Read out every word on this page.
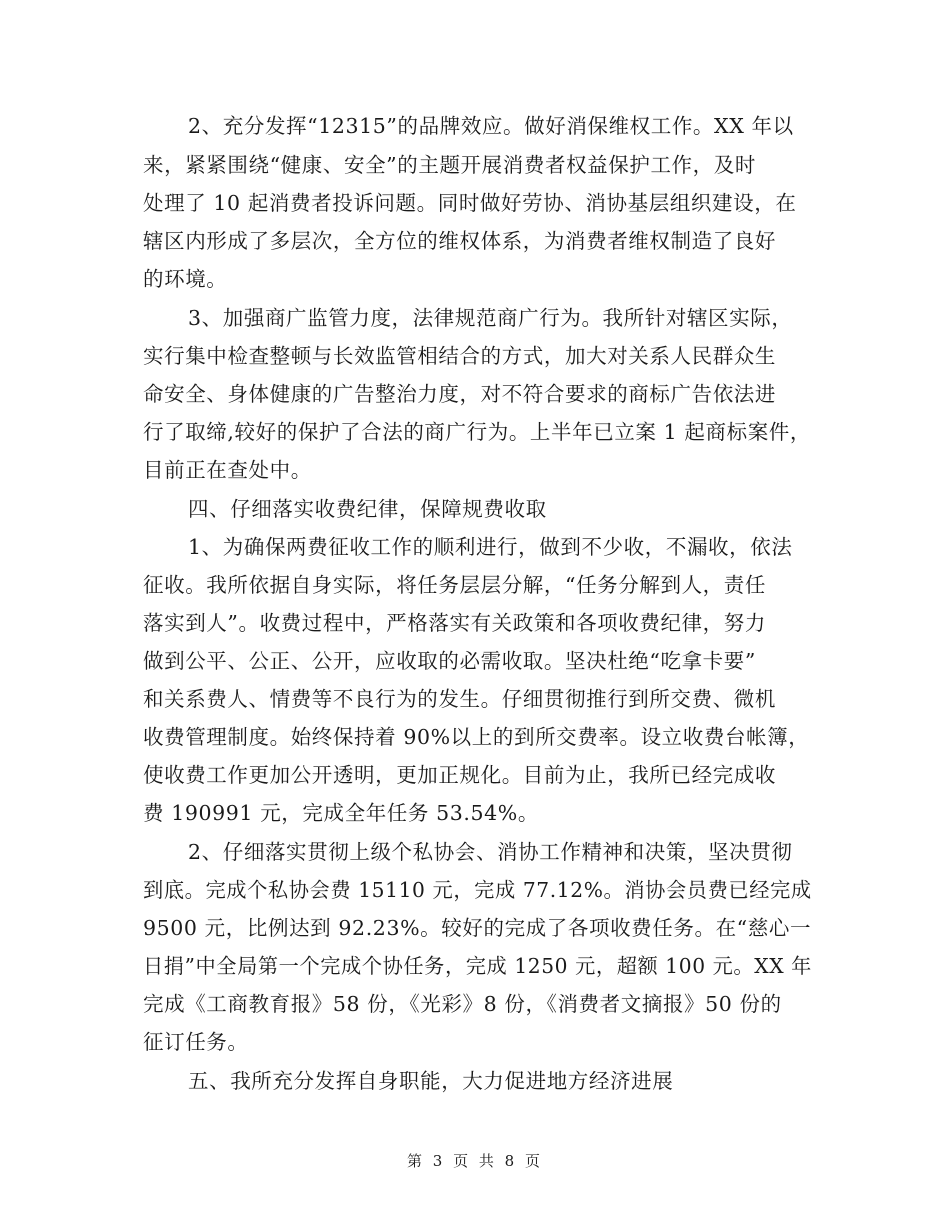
2、充分发挥“12315”的品牌效应。做好消保维权工作。XX 年以
来，紧紧围绕“健康、安全”的主题开展消费者权益保护工作，及时
处理了 10 起消费者投诉问题。同时做好劳协、消协基层组织建设，在
辖区内形成了多层次，全方位的维权体系，为消费者维权制造了良好
的环境。
3、加强商广监管力度，法律规范商广行为。我所针对辖区实际，
实行集中检查整顿与长效监管相结合的方式，加大对关系人民群众生
命安全、身体健康的广告整治力度，对不符合要求的商标广告依法进
行了取缔,较好的保护了合法的商广行为。上半年已立案 1 起商标案件，
目前正在查处中。
四、仔细落实收费纪律，保障规费收取
1、为确保两费征收工作的顺利进行，做到不少收，不漏收，依法
征收。我所依据自身实际，将任务层层分解，“任务分解到人，责任
落实到人”。收费过程中，严格落实有关政策和各项收费纪律，努力
做到公平、公正、公开，应收取的必需收取。坚决杜绝“吃拿卡要”
和关系费人、情费等不良行为的发生。仔细贯彻推行到所交费、微机
收费管理制度。始终保持着 90%以上的到所交费率。设立收费台帐簿，
使收费工作更加公开透明，更加正规化。目前为止，我所已经完成收
费 190991 元，完成全年任务 53.54%。
2、仔细落实贯彻上级个私协会、消协工作精神和决策，坚决贯彻
到底。完成个私协会费 15110 元，完成 77.12%。消协会员费已经完成
9500 元，比例达到 92.23%。较好的完成了各项收费任务。在“慈心一
日捐”中全局第一个完成个协任务，完成 1250 元，超额 100 元。XX 年
完成《工商教育报》58 份，《光彩》8 份，《消费者文摘报》50 份的
征订任务。
五、我所充分发挥自身职能，大力促进地方经济进展
第 3 页 共 8 页
